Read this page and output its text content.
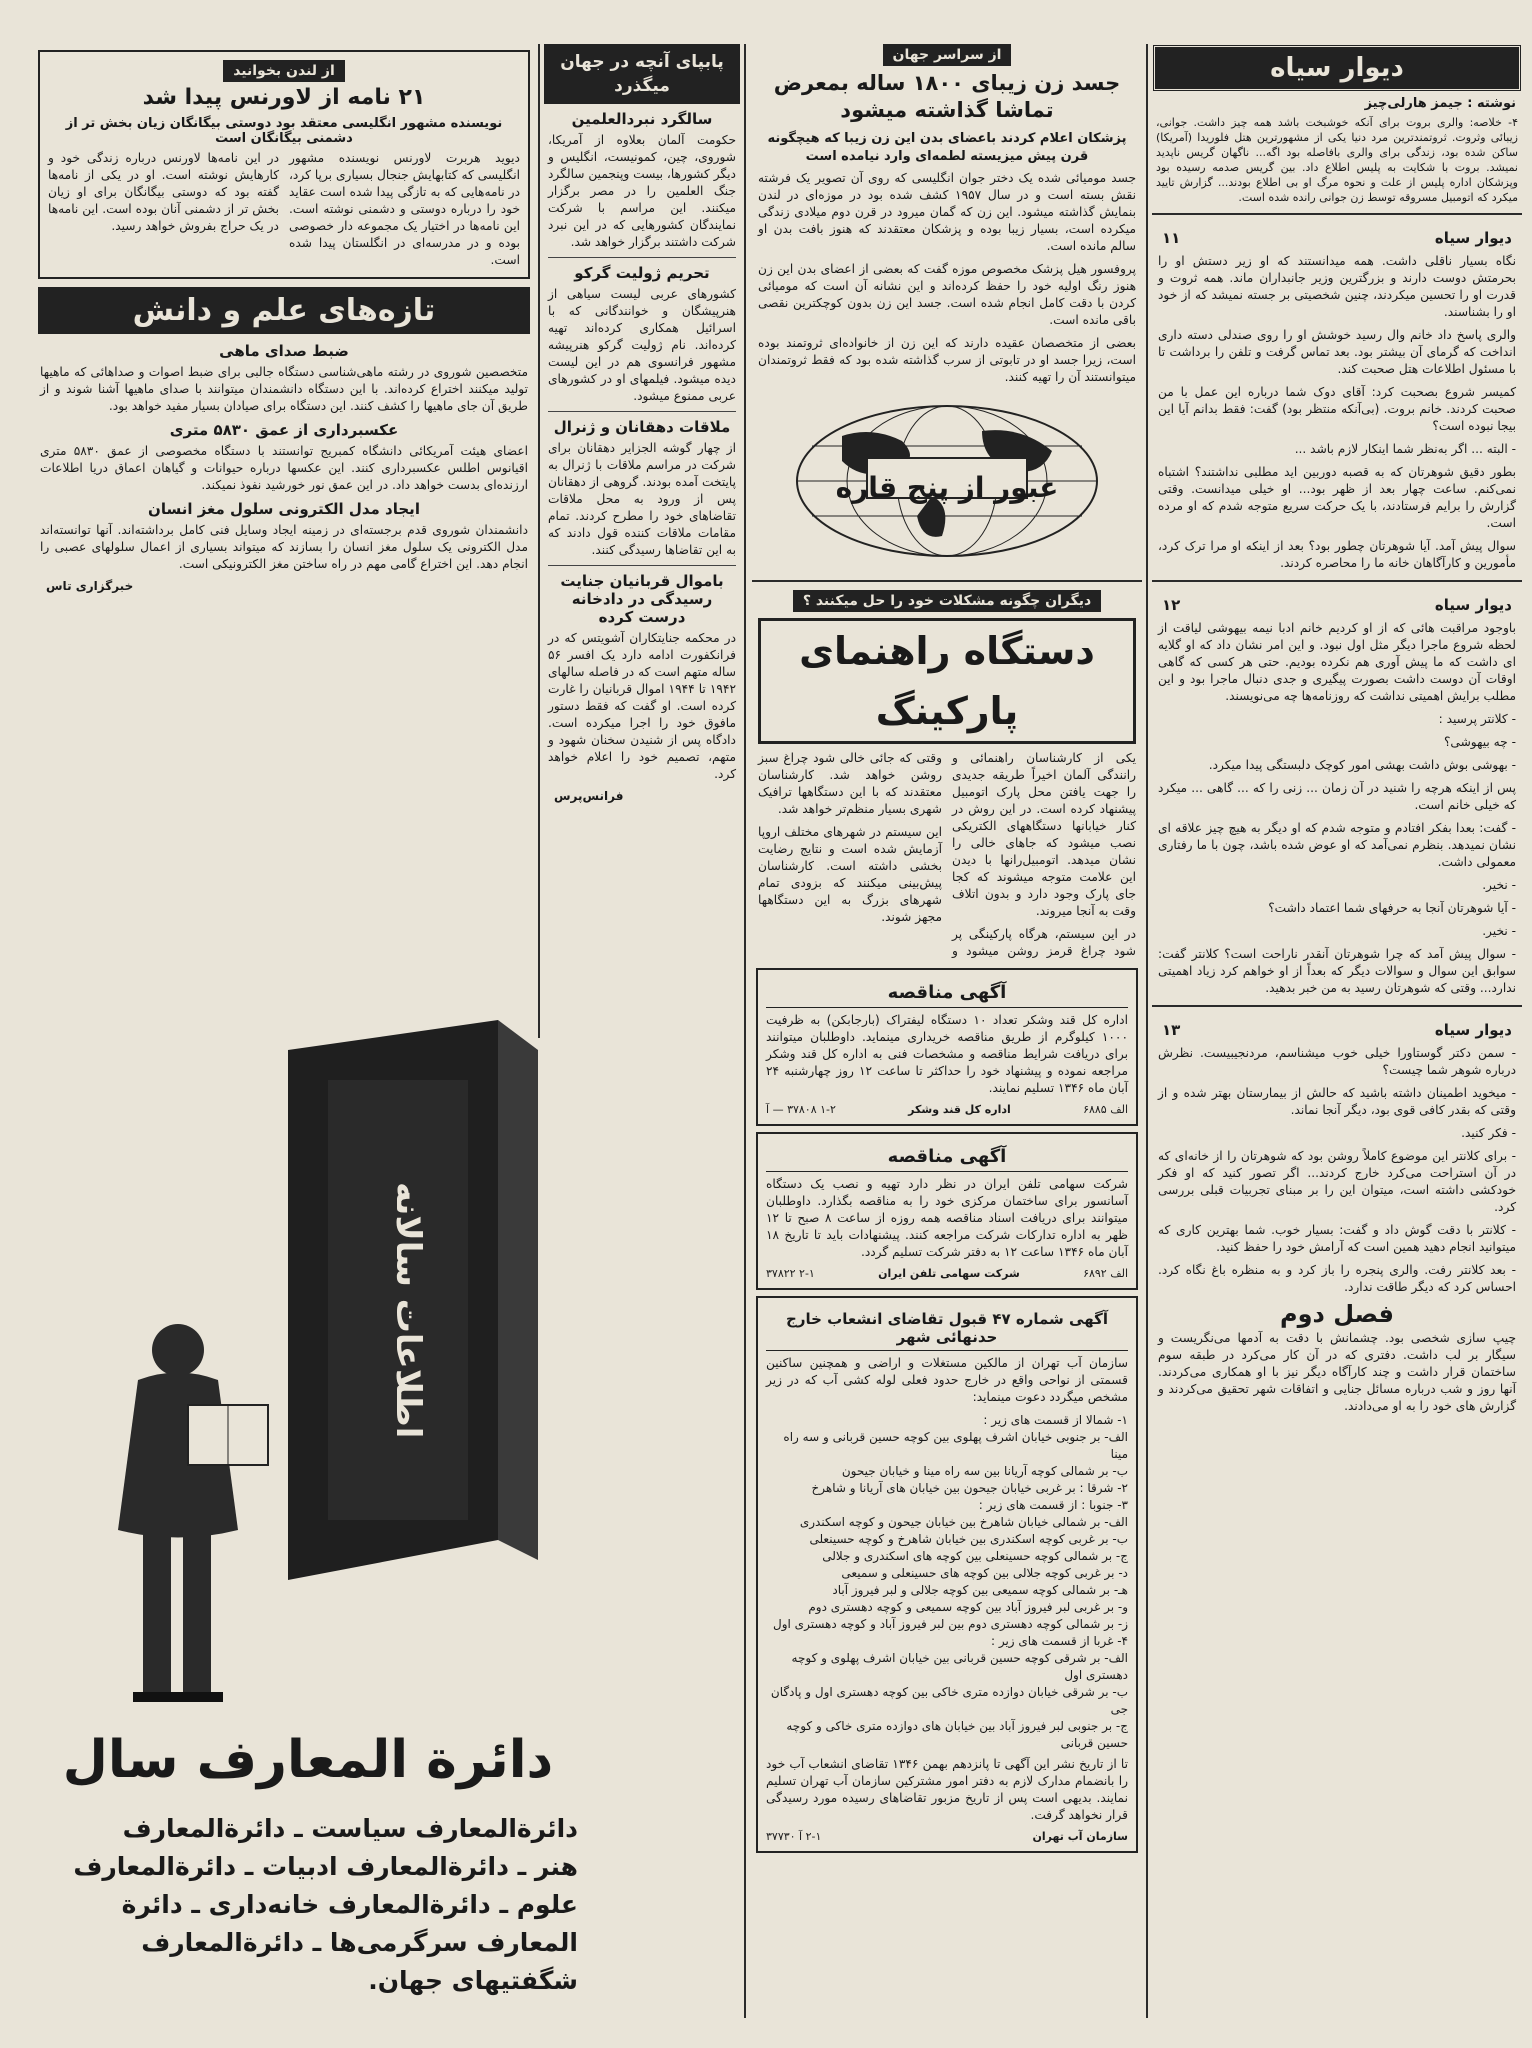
دیوار سیاه
نوشته : جیمز هارلی‌چیز

۴- خلاصه: والری بروت برای آنکه خوشبخت باشد همه چیز داشت. جوانی، زیبائی وثروت. ثروتمندترین مرد دنیا یکی از مشهورترین هتل فلوریدا (آمریکا) ساکن شده بود، زندگی برای والری بافاصله بود اگه... ناگهان گریس ناپدید نمیشد. بروت با شکایت به پلیس اطلاع داد. بین گریس صدمه رسیده بود وپزشکان اداره پلیس از علت و نحوه مرگ او بی اطلاع بودند... گزارش تایید میکرد که اتومبیل مسروقه توسط زن جوانی رانده شده است.

دیوار سیاه
۱۱

نگاه بسیار ناقلی داشت. همه میدانستند که او زیر دستش او را بحرمتش دوست دارند و بزرگترین وزیر جانبداران ماند. همه ثروت و قدرت او را تحسین میکردند، چنین شخصیتی بر جسته نمیشد که از خود او را بشناسند.

والری پاسخ داد خانم وال رسید خوشش او را روی صندلی دسته داری انداخت که گرمای آن بیشتر بود. بعد تماس گرفت و تلفن را برداشت تا با مسئول اطلاعات هتل صحبت کند.

کمیسر شروع بصحبت کرد: آقای دوک شما درباره این عمل با من صحبت کردند. خانم بروت. (بی‌آنکه منتظر بود) گفت: فقط بدانم آیا این بیجا نبوده است؟

- البته ... اگر به‌نظر شما اینکار لازم باشد ...

بطور دقیق شوهرتان که به قصبه دوربین اید مطلبی نداشتند؟ اشتباه نمی‌کنم. ساعت چهار بعد از ظهر بود... او خیلی میدانست. وقتی گزارش را برایم فرستادند، با یک حرکت سریع متوجه شدم که او مرده است.

سوال پیش آمد. آیا شوهرتان چطور بود؟ بعد از اینکه او مرا ترک کرد، مأمورین و کارآگاهان خانه ما را محاصره کردند.

دیوار سیاه
۱۲

باوجود مراقبت هائی که از او کردیم خانم ادبا نیمه بیهوشی لیاقت از لحظه شروع ماجرا دیگر مثل اول نبود. و این امر نشان داد که او گلایه ای داشت که ما پیش آوری هم نکرده بودیم. حتی هر کسی که گاهی اوقات آن دوست داشت بصورت پیگیری و جدی دنبال ماجرا بود و این مطلب برایش اهمیتی نداشت که روزنامه‌ها چه می‌نویسند.

- کلانتر پرسید :

- چه بیهوشی؟

- بهوشی بوش داشت بهشی امور کوچک دلبستگی پیدا میکرد.

پس از اینکه هرچه را شنید در آن زمان ... زنی را که ... گاهی ... میکرد که خیلی خانم است.

- گفت: بعدا بفکر افتادم و متوجه شدم که او دیگر به هیچ چیز علاقه ای نشان نمیدهد. بنظرم نمی‌آمد که او عوض شده باشد، چون با ما رفتاری معمولی داشت.

- نخیر.

- آیا شوهرتان آنجا به حرفهای شما اعتماد داشت؟

- نخیر.

- سوال پیش آمد که چرا شوهرتان آنقدر ناراحت است؟ کلانتر گفت: سوابق این سوال و سوالات دیگر که بعداً از او خواهم کرد زیاد اهمیتی ندارد... وقتی که شوهرتان رسید به من خبر بدهید.

دیوار سیاه
۱۳

- سمن دکتر گوستاورا خیلی خوب میشناسم، مردنجیبیست. نظرش درباره شوهر شما چیست؟

- میخوید اطمینان داشته باشید که حالش از بیمارستان بهتر شده و از وقتی که بقدر کافی قوی بود، دیگر آنجا نماند.

- فکر کنید.

- برای کلانتر این موضوع کاملاً روشن بود که شوهرتان را از خانه‌ای که در آن استراحت می‌کرد خارج کردند... اگر تصور کنید که او فکر خودکشی داشته است، میتوان این را بر مبنای تجربیات قبلی بررسی کرد.

- کلانتر با دقت گوش داد و گفت: بسیار خوب. شما بهترین کاری که میتوانید انجام دهید همین است که آرامش خود را حفظ کنید.

- بعد کلانتر رفت. والری پنجره را باز کرد و به منظره باغ نگاه کرد. احساس کرد که دیگر طاقت ندارد.

فصل دوم

چیپ سازی شخصی بود. چشمانش با دقت به آدمها می‌نگریست و سیگار بر لب داشت. دفتری که در آن کار می‌کرد در طبقه سوم ساختمان قرار داشت و چند کارآگاه دیگر نیز با او همکاری می‌کردند. آنها روز و شب درباره مسائل جنایی و اتفاقات شهر تحقیق می‌کردند و گزارش های خود را به او می‌دادند.

از سراسر جهان
جسد زن زیبای ۱۸۰۰ ساله بمعرض تماشا گذاشته میشود
پزشکان اعلام کردند باعضای بدن این زن زیبا که هیچگونه قرن پیش میزیسته لطمه‌ای وارد نیامده است

جسد مومیائی شده یک دختر جوان انگلیسی که روی آن تصویر یک فرشته نقش بسته است و در سال ۱۹۵۷ کشف شده بود در موزه‌ای در لندن بنمایش گذاشته میشود. این زن که گمان میرود در قرن دوم میلادی زندگی میکرده است، بسیار زیبا بوده و پزشکان معتقدند که هنوز بافت بدن او سالم مانده است.

پروفسور هیل پزشک مخصوص موزه گفت که بعضی از اعضای بدن این زن هنوز رنگ اولیه خود را حفظ کرده‌اند و این نشانه آن است که مومیائی کردن با دقت کامل انجام شده است. جسد این زن بدون کوچکترین نقصی باقی مانده است.

بعضی از متخصصان عقیده دارند که این زن از خانواده‌ای ثروتمند بوده است، زیرا جسد او در تابوتی از سرب گذاشته شده بود که فقط ثروتمندان میتوانستند آن را تهیه کنند.

عبور از پنج قاره
دیگران چگونه مشکلات خود را حل میکنند ؟
دستگاه راهنمای پارکینگ

یکی از کارشناسان راهنمائی و رانندگی آلمان اخیراً طریقه جدیدی را جهت یافتن محل پارک اتومبیل پیشنهاد کرده است. در این روش در کنار خیابانها دستگاههای الکتریکی نصب میشود که جاهای خالی را نشان میدهد. اتومبیل‌رانها با دیدن این علامت متوجه میشوند که کجا جای پارک وجود دارد و بدون اتلاف وقت به آنجا میروند.

در این سیستم، هرگاه پارکینگی پر شود چراغ قرمز روشن میشود و وقتی که جائی خالی شود چراغ سبز روشن خواهد شد. کارشناسان معتقدند که با این دستگاهها ترافیک شهری بسیار منظم‌تر خواهد شد.

این سیستم در شهرهای مختلف اروپا آزمایش شده است و نتایج رضایت بخشی داشته است. کارشناسان پیش‌بینی میکنند که بزودی تمام شهرهای بزرگ به این دستگاهها مجهز شوند.

آگهی مناقصه

اداره کل قند وشکر تعداد ۱۰ دستگاه لیفتراک (بارجابکن) به ظرفیت ۱۰۰۰ کیلوگرم از طریق مناقصه خریداری مینماید. داوطلبان میتوانند برای دریافت شرایط مناقصه و مشخصات فنی به اداره کل قند وشکر مراجعه نموده و پیشنهاد خود را حداکثر تا ساعت ۱۲ روز چهارشنبه ۲۴ آبان ماه ۱۳۴۶ تسلیم نمایند.

الف ۶۸۸۵
اداره کل قند وشکر
۱-۲ ۳۷۸۰۸ — آ
آگهی مناقصه

شرکت سهامی تلفن ایران در نظر دارد تهیه و نصب یک دستگاه آسانسور برای ساختمان مرکزی خود را به مناقصه بگذارد. داوطلبان میتوانند برای دریافت اسناد مناقصه همه روزه از ساعت ۸ صبح تا ۱۲ ظهر به اداره تدارکات شرکت مراجعه کنند. پیشنهادات باید تا تاریخ ۱۸ آبان ماه ۱۳۴۶ ساعت ۱۲ به دفتر شرکت تسلیم گردد.

الف ۶۸۹۲
شرکت سهامی تلفن ایران
۲-۱ ۳۷۸۲۲
آگهی شماره ۴۷ قبول تقاضای انشعاب خارج حدنهائی شهر

سازمان آب تهران از مالکین مستغلات و اراضی و همچنین ساکنین قسمتی از نواحی واقع در خارج حدود فعلی لوله کشی آب که در زیر مشخص میگردد دعوت مینماید:

۱- شمالا از قسمت های زیر :

الف- بر جنوبی خیابان اشرف پهلوی بین کوچه حسین قربانی و سه راه مینا

ب- بر شمالی کوچه آریانا بین سه راه مینا و خیابان جیحون

۲- شرقا : بر غربی خیابان جیحون بین خیابان های آریانا و شاهرخ

۳- جنوبا : از قسمت های زیر :

الف- بر شمالی خیابان شاهرخ بین خیابان جیحون و کوچه اسکندری

ب- بر غربی کوچه اسکندری بین خیابان شاهرخ و کوچه حسینعلی

ج- بر شمالی کوچه حسینعلی بین کوچه های اسکندری و جلالی

د- بر غربی کوچه جلالی بین کوچه های حسینعلی و سمیعی

هـ- بر شمالی کوچه سمیعی بین کوچه جلالی و لبر فیروز آباد

و- بر غربی لبر فیروز آباد بین کوچه سمیعی و کوچه دهستری دوم

ز- بر شمالی کوچه دهستری دوم بین لبر فیروز آباد و کوچه دهستری اول

۴- غربا از قسمت های زیر :

الف- بر شرقی کوچه حسین قربانی بین خیابان اشرف پهلوی و کوچه دهستری اول

ب- بر شرقی خیابان دوازده متری خاکی بین کوچه دهستری اول و پادگان جی

ج- بر جنوبی لبر فیروز آباد بین خیابان های دوازده متری خاکی و کوچه حسین قربانی

تا از تاریخ نشر این آگهی تا پانزدهم بهمن ۱۳۴۶ تقاضای انشعاب آب خود را بانضمام مدارک لازم به دفتر امور مشترکین سازمان آب تهران تسلیم نمایند. بدیهی است پس از تاریخ مزبور تقاضاهای رسیده مورد رسیدگی قرار نخواهد گرفت.

سازمان آب تهران
۲-۱ آ ۳۷۷۳۰
پابپای آنچه در جهان میگذرد
سالگرد نبردالعلمین

حکومت آلمان بعلاوه از آمریکا، شوروی، چین، کمونیست، انگلیس و دیگر کشورها، بیست وپنجمین سالگرد جنگ العلمین را در مصر برگزار میکنند. این مراسم با شرکت نمایندگان کشورهایی که در این نبرد شرکت داشتند برگزار خواهد شد.

تحریم ژولیت گرکو

کشورهای عربی لیست سیاهی از هنرپیشگان و خوانندگانی که با اسرائیل همکاری کرده‌اند تهیه کرده‌اند. نام ژولیت گرکو هنرپیشه مشهور فرانسوی هم در این لیست دیده میشود. فیلمهای او در کشورهای عربی ممنوع میشود.

ملاقات دهقانان و ژنرال

از چهار گوشه الجزایر دهقانان برای شرکت در مراسم ملاقات با ژنرال به پایتخت آمده بودند. گروهی از دهقانان پس از ورود به محل ملاقات تقاضاهای خود را مطرح کردند. تمام مقامات ملاقات کننده قول دادند که به این تقاضاها رسیدگی کنند.

باموال قربانیان جنایت رسیدگی در دادخانه درست کرده

در محکمه جنایتکاران آشویتس که در فرانکفورت ادامه دارد یک افسر ۵۶ ساله متهم است که در فاصله سالهای ۱۹۴۲ تا ۱۹۴۴ اموال قربانیان را غارت کرده است. او گفت که فقط دستور مافوق خود را اجرا میکرده است. دادگاه پس از شنیدن سخنان شهود و متهم، تصمیم خود را اعلام خواهد کرد.

فرانس‌پرس
از لندن بخوانید
۲۱ نامه از لاورنس پیدا شد
نویسنده مشهور انگلیسی معتقد بود دوستی بیگانگان زیان بخش تر از دشمنی بیگانگان است

دیوید هربرت لاورنس نویسنده مشهور انگلیسی که کتابهایش جنجال بسیاری برپا کرد، در نامه‌هایی که به تازگی پیدا شده است عقاید خود را درباره دوستی و دشمنی نوشته است. این نامه‌ها در اختیار یک مجموعه دار خصوصی بوده و در مدرسه‌ای در انگلستان پیدا شده است.

در این نامه‌ها لاورنس درباره زندگی خود و کارهایش نوشته است. او در یکی از نامه‌ها گفته بود که دوستی بیگانگان برای او زیان بخش تر از دشمنی آنان بوده است. این نامه‌ها در یک حراج بفروش خواهد رسید.

تازه‌های علم و دانش
ضبط صدای ماهی

متخصصین شوروی در رشته ماهی‌شناسی دستگاه جالبی برای ضبط اصوات و صداهائی که ماهیها تولید میکنند اختراع کرده‌اند. با این دستگاه دانشمندان میتوانند با صدای ماهیها آشنا شوند و از طریق آن جای ماهیها را کشف کنند. این دستگاه برای صیادان بسیار مفید خواهد بود.

عکسبرداری از عمق ۵۸۳۰ متری

اعضای هیئت آمریکائی دانشگاه کمبریج توانستند با دستگاه مخصوصی از عمق ۵۸۳۰ متری اقیانوس اطلس عکسبرداری کنند. این عکسها درباره حیوانات و گیاهان اعماق دریا اطلاعات ارزنده‌ای بدست خواهد داد. در این عمق نور خورشید نفوذ نمیکند.

ایجاد مدل الکترونی سلول مغز انسان

دانشمندان شوروی قدم برجسته‌ای در زمینه ایجاد وسایل فنی کامل برداشته‌اند. آنها توانسته‌اند مدل الکترونی یک سلول مغز انسان را بسازند که میتواند بسیاری از اعمال سلولهای عصبی را انجام دهد. این اختراع گامی مهم در راه ساختن مغز الکترونیکی است.

خبرگزاری تاس
اطلاعات سالانه
دائرة المعارف سال
دائرة‌المعارف سیاست ـ دائرة‌المعارف
هنر ـ دائرة‌المعارف ادبیات ـ دائرة‌المعارف
علوم ـ دائرة‌المعارف خانه‌داری ـ دائرة
المعارف سرگرمی‌ها ـ دائرة‌المعارف
شگفتیهای جهان.
